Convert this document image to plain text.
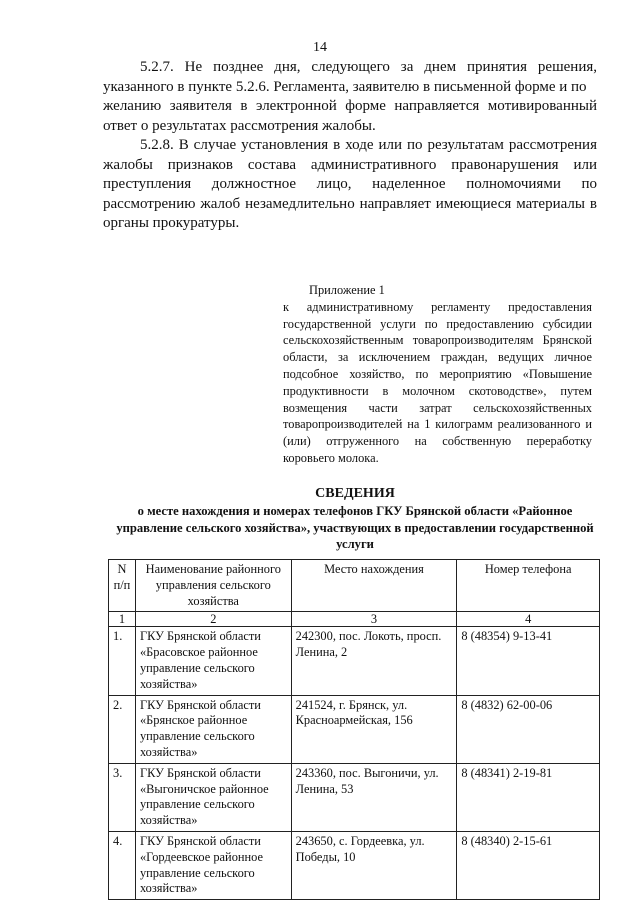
14

5.2.7. Не позднее дня, следующего за днем принятия решения, указанного в пункте 5.2.6. Регламента, заявителю в письменной форме и по

желанию заявителя в электронной форме направляется мотивированный ответ о результатах рассмотрения жалобы.

5.2.8. В случае установления в ходе или по результатам рассмотрения жалобы признаков состава административного правонарушения или преступления должностное лицо, наделенное полномочиями по рассмотрению жалоб незамедлительно направляет имеющиеся материалы в органы прокуратуры.

Приложение 1
к административному регламенту предоставления государственной услуги по предоставлению субсидии сельскохозяйственным товаропроизводителям Брянской области, за исключением граждан, ведущих личное подсобное хозяйство, по мероприятию «Повышение продуктивности в молочном скотоводстве», путем возмещения части затрат сельскохозяйственных товаропроизводителей на 1 килограмм реализованного и (или) отгруженного на собственную переработку коровьего молока.
СВЕДЕНИЯ
о месте нахождения и номерах телефонов ГКУ Брянской области «Районное управление сельского хозяйства», участвующих в предоставлении государственной услуги
N п/п	Наименование районного управления сельского хозяйства	Место нахождения	Номер телефона
1	2	3	4
1.	ГКУ Брянской области «Брасовское районное управление сельского хозяйства»	242300, пос. Локоть, просп. Ленина, 2	8 (48354) 9-13-41
2.	ГКУ Брянской области «Брянское районное управление сельского хозяйства»	241524, г. Брянск, ул. Красноармейская, 156	8 (4832) 62-00-06
3.	ГКУ Брянской области «Выгоничское районное управление сельского хозяйства»	243360, пос. Выгоничи, ул. Ленина, 53	8 (48341) 2-19-81
4.	ГКУ Брянской области «Гордеевское районное управление сельского хозяйства»	243650, с. Гордеевка, ул. Победы, 10	8 (48340) 2-15-61
